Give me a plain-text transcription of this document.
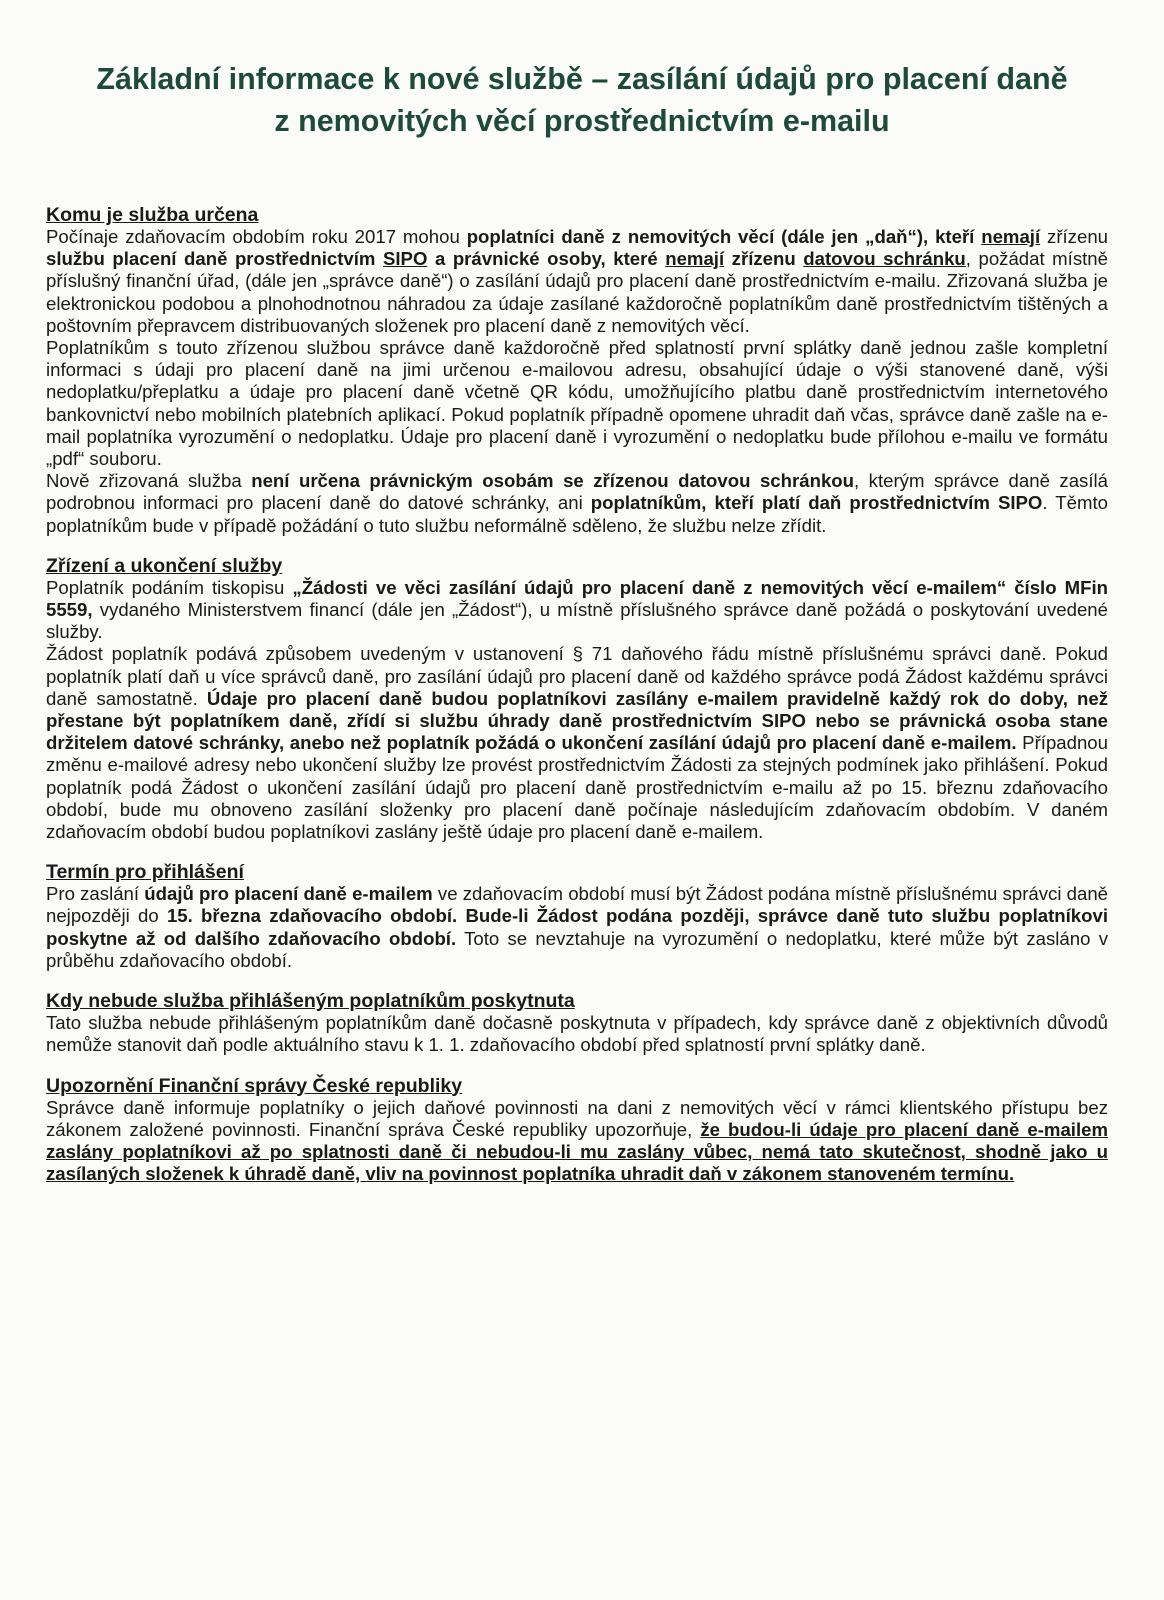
Základní informace k nové službě – zasílání údajů pro placení daně
z nemovitých věcí prostřednictvím e-mailu

Komu je služba určena

Počínaje zdaňovacím obdobím roku 2017 mohou poplatníci daně z nemovitých věcí (dále jen „daň“), kteří nemají zřízenu službu placení daně prostřednictvím SIPO a právnické osoby, které nemají zřízenu datovou schránku, požádat místně příslušný finanční úřad, (dále jen „správce daně“) o zasílání údajů pro placení daně prostřednictvím e-mailu. Zřizovaná služba je elektronickou podobou a plnohodnotnou náhradou za údaje zasílané každoročně poplatníkům daně prostřednictvím tištěných a poštovním přepravcem distribuovaných složenek pro placení daně z nemovitých věcí.

Poplatníkům s touto zřízenou službou správce daně každoročně před splatností první splátky daně jednou zašle kompletní informaci s údaji pro placení daně na jimi určenou e-mailovou adresu, obsahující údaje o výši stanovené daně, výši nedoplatku/přeplatku a údaje pro placení daně včetně QR kódu, umožňujícího platbu daně prostřednictvím internetového bankovnictví nebo mobilních platebních aplikací. Pokud poplatník případně opomene uhradit daň včas, správce daně zašle na e-mail poplatníka vyrozumění o nedoplatku. Údaje pro placení daně i vyrozumění o nedoplatku bude přílohou e-mailu ve formátu „pdf“ souboru.

Nově zřizovaná služba není určena právnickým osobám se zřízenou datovou schránkou, kterým správce daně zasílá podrobnou informaci pro placení daně do datové schránky, ani poplatníkům, kteří platí daň prostřednictvím SIPO. Těmto poplatníkům bude v případě požádání o tuto službu neformálně sděleno, že službu nelze zřídit.

Zřízení a ukončení služby

Poplatník podáním tiskopisu „Žádosti ve věci zasílání údajů pro placení daně z nemovitých věcí e-mailem“ číslo MFin 5559, vydaného Ministerstvem financí (dále jen „Žádost“), u místně příslušného správce daně požádá o poskytování uvedené služby.

Žádost poplatník podává způsobem uvedeným v ustanovení § 71 daňového řádu místně příslušnému správci daně. Pokud poplatník platí daň u více správců daně, pro zasílání údajů pro placení daně od každého správce podá Žádost každému správci daně samostatně. Údaje pro placení daně budou poplatníkovi zasílány e-mailem pravidelně každý rok do doby, než přestane být poplatníkem daně, zřídí si službu úhrady daně prostřednictvím SIPO nebo se právnická osoba stane držitelem datové schránky, anebo než poplatník požádá o ukončení zasílání údajů pro placení daně e-mailem. Případnou změnu e-mailové adresy nebo ukončení služby lze provést prostřednictvím Žádosti za stejných podmínek jako přihlášení. Pokud poplatník podá Žádost o ukončení zasílání údajů pro placení daně prostřednictvím e-mailu až po 15. březnu zdaňovacího období, bude mu obnoveno zasílání složenky pro placení daně počínaje následujícím zdaňovacím obdobím. V daném zdaňovacím období budou poplatníkovi zaslány ještě údaje pro placení daně e-mailem.

Termín pro přihlášení

Pro zaslání údajů pro placení daně e-mailem ve zdaňovacím období musí být Žádost podána místně příslušnému správci daně nejpozději do 15. března zdaňovacího období. Bude-li Žádost podána později, správce daně tuto službu poplatníkovi poskytne až od dalšího zdaňovacího období. Toto se nevztahuje na vyrozumění o nedoplatku, které může být zasláno v průběhu zdaňovacího období.

Kdy nebude služba přihlášeným poplatníkům poskytnuta

Tato služba nebude přihlášeným poplatníkům daně dočasně poskytnuta v případech, kdy správce daně z objektivních důvodů nemůže stanovit daň podle aktuálního stavu k 1. 1. zdaňovacího období před splatností první splátky daně.

Upozornění Finanční správy České republiky

Správce daně informuje poplatníky o jejich daňové povinnosti na dani z nemovitých věcí v rámci klientského přístupu bez zákonem založené povinnosti. Finanční správa České republiky upozorňuje, že budou-li údaje pro placení daně e-mailem zaslány poplatníkovi až po splatnosti daně či nebudou-li mu zaslány vůbec, nemá tato skutečnost, shodně jako u zasílaných složenek k úhradě daně, vliv na povinnost poplatníka uhradit daň v zákonem stanoveném termínu.
